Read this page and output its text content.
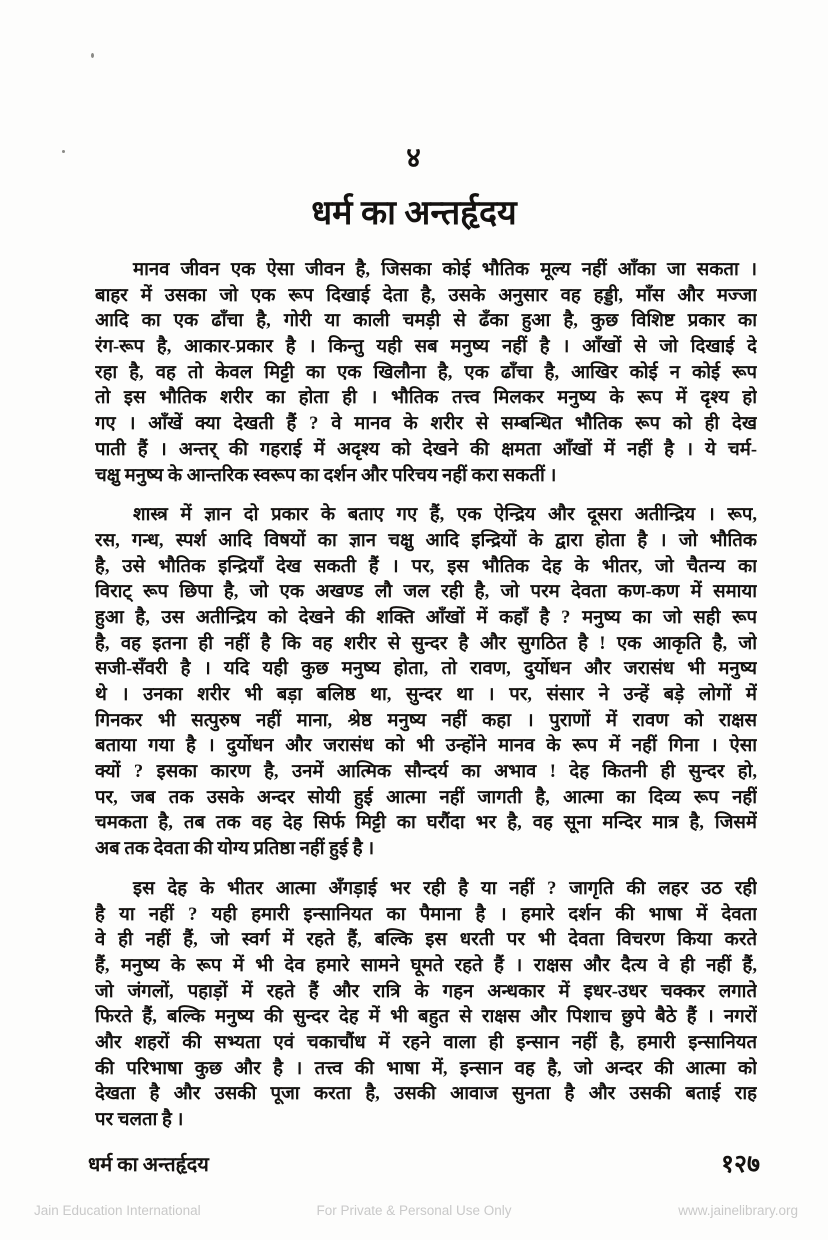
४
धर्म का अन्तर्हृदय
मानव जीवन एक ऐसा जीवन है, जिसका कोई भौतिक मूल्य नहीं आँका जा सकता ।
बाहर में उसका जो एक रूप दिखाई देता है, उसके अनुसार वह हड्डी, माँस और मज्जा
आदि का एक ढाँचा है, गोरी या काली चमड़ी से ढँका हुआ है, कुछ विशिष्ट प्रकार का
रंग-रूप है, आकार-प्रकार है । किन्तु यही सब मनुष्य नहीं है । आँखों से जो दिखाई दे
रहा है, वह तो केवल मिट्टी का एक खिलौना है, एक ढाँचा है, आखिर कोई न कोई रूप
तो इस भौतिक शरीर का होता ही । भौतिक तत्त्व मिलकर मनुष्य के रूप में दृश्य हो
गए । आँखें क्या देखती हैं ? वे मानव के शरीर से सम्बन्धित भौतिक रूप को ही देख
पाती हैं । अन्तर् की गहराई में अदृश्य को देखने की क्षमता आँखों में नहीं है । ये चर्म-
चक्षु मनुष्य के आन्तरिक स्वरूप का दर्शन और परिचय नहीं करा सकतीं ।
शास्त्र में ज्ञान दो प्रकार के बताए गए हैं, एक ऐन्द्रिय और दूसरा अतीन्द्रिय । रूप,
रस, गन्ध, स्पर्श आदि विषयों का ज्ञान चक्षु आदि इन्द्रियों के द्वारा होता है । जो भौतिक
है, उसे भौतिक इन्द्रियाँ देख सकती हैं । पर, इस भौतिक देह के भीतर, जो चैतन्य का
विराट् रूप छिपा है, जो एक अखण्ड लौ जल रही है, जो परम देवता कण-कण में समाया
हुआ है, उस अतीन्द्रिय को देखने की शक्ति आँखों में कहाँ है ? मनुष्य का जो सही रूप
है, वह इतना ही नहीं है कि वह शरीर से सुन्दर है और सुगठित है ! एक आकृति है, जो
सजी-सँवरी है । यदि यही कुछ मनुष्य होता, तो रावण, दुर्योधन और जरासंध भी मनुष्य
थे । उनका शरीर भी बड़ा बलिष्ठ था, सुन्दर था । पर, संसार ने उन्हें बड़े लोगों में
गिनकर भी सत्पुरुष नहीं माना, श्रेष्ठ मनुष्य नहीं कहा । पुराणों में रावण को राक्षस
बताया गया है । दुर्योधन और जरासंध को भी उन्होंने मानव के रूप में नहीं गिना । ऐसा
क्यों ? इसका कारण है, उनमें आत्मिक सौन्दर्य का अभाव ! देह कितनी ही सुन्दर हो,
पर, जब तक उसके अन्दर सोयी हुई आत्मा नहीं जागती है, आत्मा का दिव्य रूप नहीं
चमकता है, तब तक वह देह सिर्फ मिट्टी का घरौंदा भर है, वह सूना मन्दिर मात्र है, जिसमें
अब तक देवता की योग्य प्रतिष्ठा नहीं हुई है ।
इस देह के भीतर आत्मा अँगड़ाई भर रही है या नहीं ? जागृति की लहर उठ रही
है या नहीं ? यही हमारी इन्सानियत का पैमाना है । हमारे दर्शन की भाषा में देवता
वे ही नहीं हैं, जो स्वर्ग में रहते हैं, बल्कि इस धरती पर भी देवता विचरण किया करते
हैं, मनुष्य के रूप में भी देव हमारे सामने घूमते रहते हैं । राक्षस और दैत्य वे ही नहीं हैं,
जो जंगलों, पहाड़ों में रहते हैं और रात्रि के गहन अन्धकार में इधर-उधर चक्कर लगाते
फिरते हैं, बल्कि मनुष्य की सुन्दर देह में भी बहुत से राक्षस और पिशाच छुपे बैठे हैं । नगरों
और शहरों की सभ्यता एवं चकाचौंध में रहने वाला ही इन्सान नहीं है, हमारी इन्सानियत
की परिभाषा कुछ और है । तत्त्व की भाषा में, इन्सान वह है, जो अन्दर की आत्मा को
देखता है और उसकी पूजा करता है, उसकी आवाज सुनता है और उसकी बताई राह
पर चलता है ।
धर्म का अन्तर्हृदय	१२७
Jain Education International	For Private & Personal Use Only	www.jainelibrary.org
